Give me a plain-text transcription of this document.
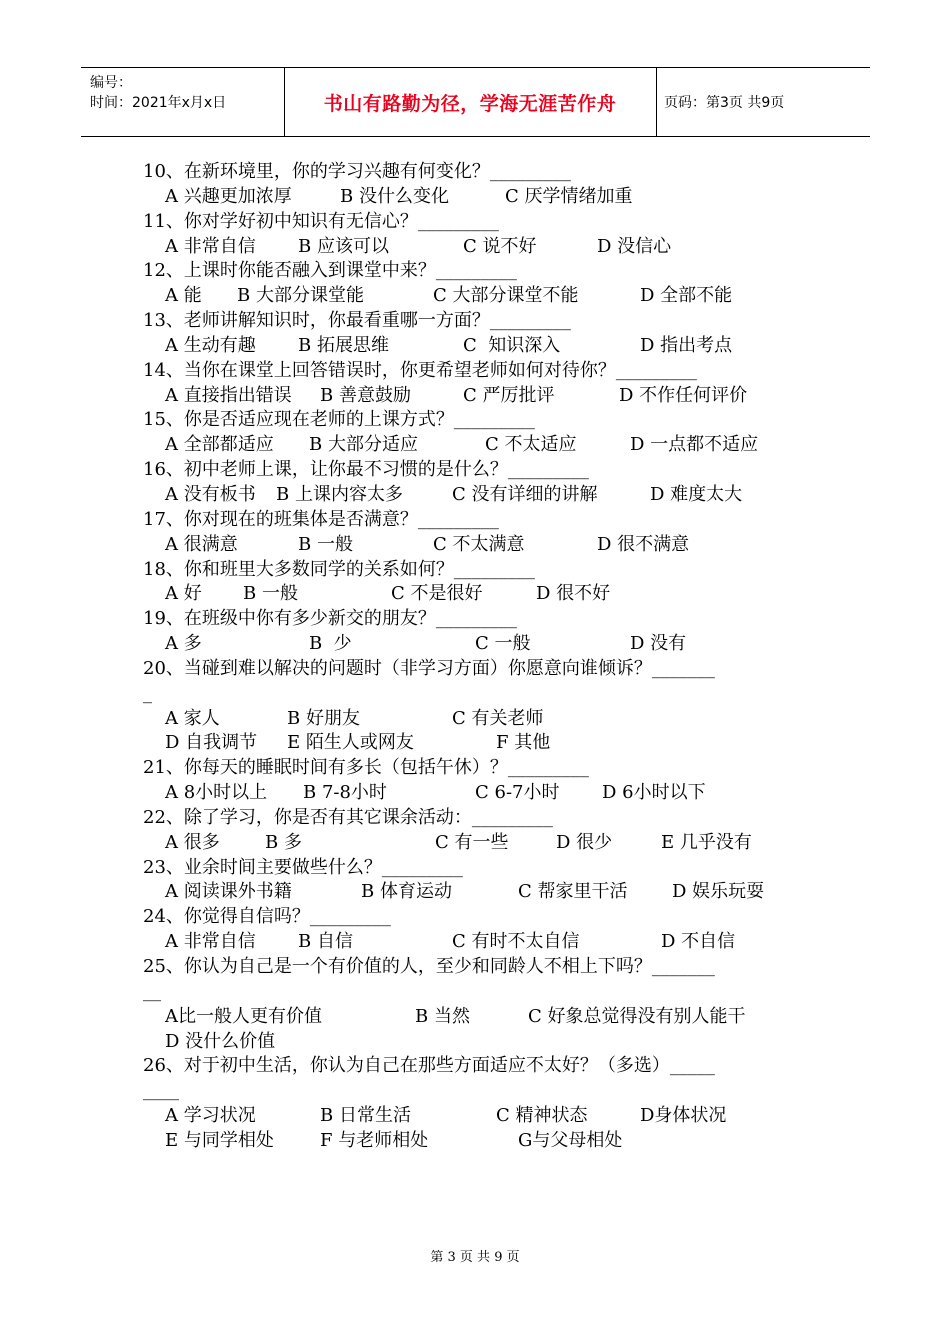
编号：
时间：2021年x月x日	书山有路勤为径，学海无涯苦作舟	页码：第3页 共9页
10、在新环境里，你的学习兴趣有何变化？_________
A 兴趣更加浓厚	B 没什么变化	C 厌学情绪加重
11、你对学好初中知识有无信心？_________
A 非常自信 B 应该可以	C 说不好	D 没信心
12、上课时你能否融入到课堂中来？_________
A 能 B 大部分课堂能	C 大部分课堂不能	D 全部不能
13、老师讲解知识时，你最看重哪一方面？_________
A 生动有趣 B 拓展思维	C  知识深入	D 指出考点
14、当你在课堂上回答错误时，你更希望老师如何对待你？_________
A 直接指出错误 B 善意鼓励	C 严厉批评	D 不作任何评价
15、你是否适应现在老师的上课方式？_________
A 全部都适应 B 大部分适应	C 不太适应	D 一点都不适应
16、初中老师上课，让你最不习惯的是什么？_________
A 没有板书 B 上课内容太多	C 没有详细的讲解	D 难度太大
17、你对现在的班集体是否满意？_________
A 很满意	B 一般	C 不太满意	D 很不满意
18、你和班里大多数同学的关系如何？_________
A 好 B 一般	C 不是很好	D 很不好
19、在班级中你有多少新交的朋友？_________
A 多	B  少	C 一般	D 没有
20、当碰到难以解决的问题时（非学习方面）你愿意向谁倾诉？_______
_
A 家人	B 好朋友	C 有关老师
D 自我调节 E 陌生人或网友	F 其他
21、你每天的睡眠时间有多长（包括午休）？_________
A 8小时以上 B 7-8小时	C 6-7小时 D 6小时以下
22、除了学习，你是否有其它课余活动：_________
A 很多	B 多	C 有一些	D 很少	E 几乎没有
23、业余时间主要做些什么？_________
A 阅读课外书籍	B 体育运动	C 帮家里干活 D 娱乐玩耍
24、你觉得自信吗？_________
A 非常自信 B 自信	C 有时不太自信	D 不自信
25、你认为自己是一个有价值的人，至少和同龄人不相上下吗？_______
__
A比一般人更有价值	B 当然	C 好象总觉得没有别人能干
D 没什么价值
26、对于初中生活，你认为自己在那些方面适应不太好？（多选）_____
____
A 学习状况	B 日常生活	C 精神状态	D身体状况
E 与同学相处	F 与老师相处	G与父母相处
第 3 页 共 9 页
